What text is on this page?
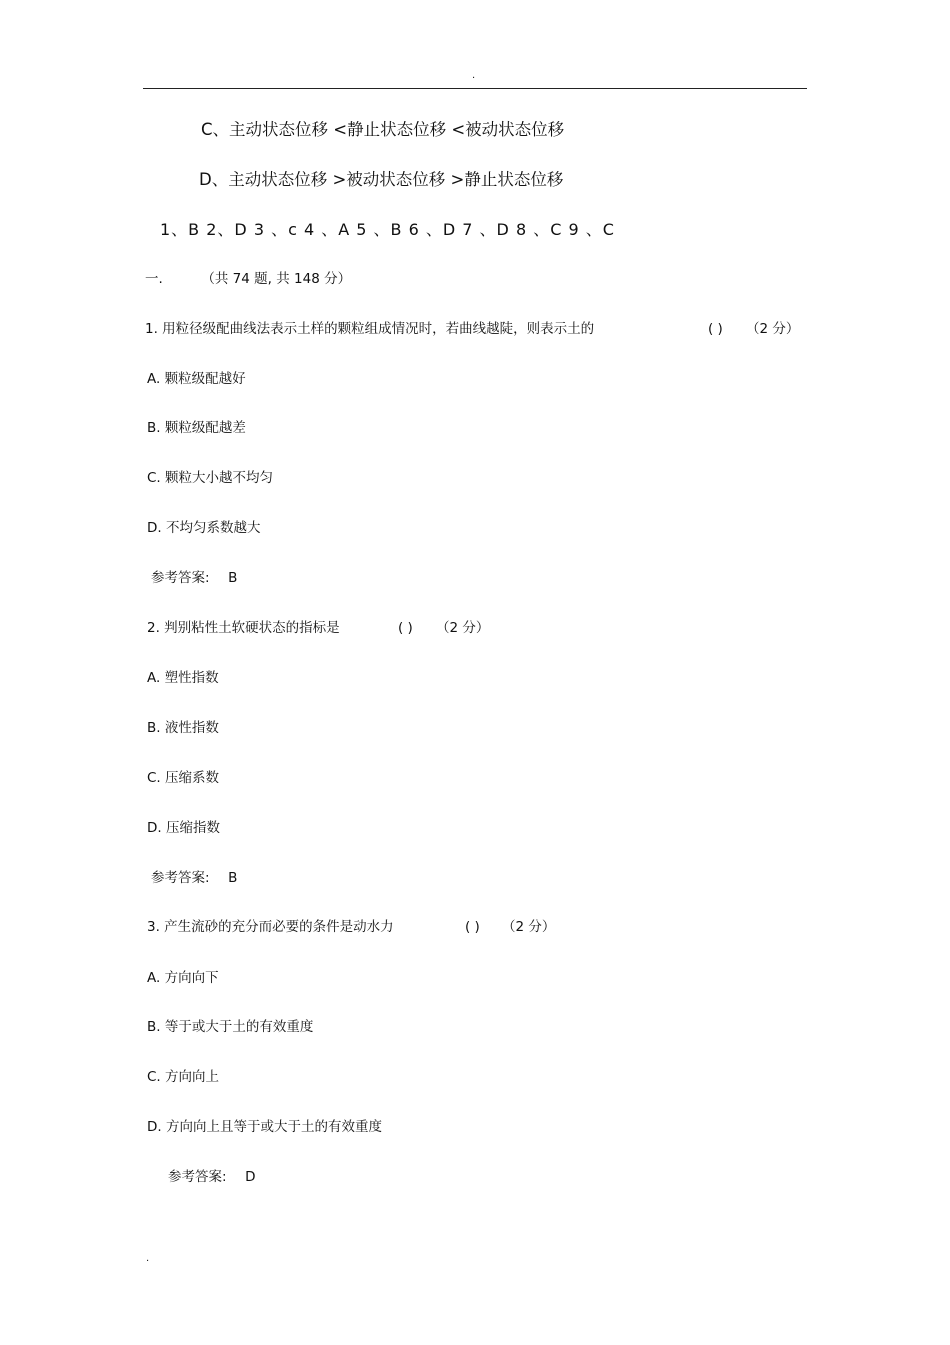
.
C、主动状态位移 <静止状态位移 <被动状态位移
D、主动状态位移 >被动状态位移 >静止状态位移
1、B 2、D 3 、c 4 、A 5 、B 6 、D 7 、D 8 、C 9 、C
一.	（共 74 题, 共 148 分）
1. 用粒径级配曲线法表示土样的颗粒组成情况时，若曲线越陡，则表示土的	( ) （2 分）
A. 颗粒级配越好
B. 颗粒级配越差
C. 颗粒大小越不均匀
D. 不均匀系数越大
参考答案: B
2. 判别粘性土软硬状态的指标是	( ) （2 分）
A. 塑性指数
B. 液性指数
C. 压缩系数
D. 压缩指数
参考答案: B
3. 产生流砂的充分而必要的条件是动水力	( ) （2 分）
A. 方向向下
B. 等于或大于土的有效重度
C. 方向向上
D. 方向向上且等于或大于土的有效重度
参考答案: D
.
